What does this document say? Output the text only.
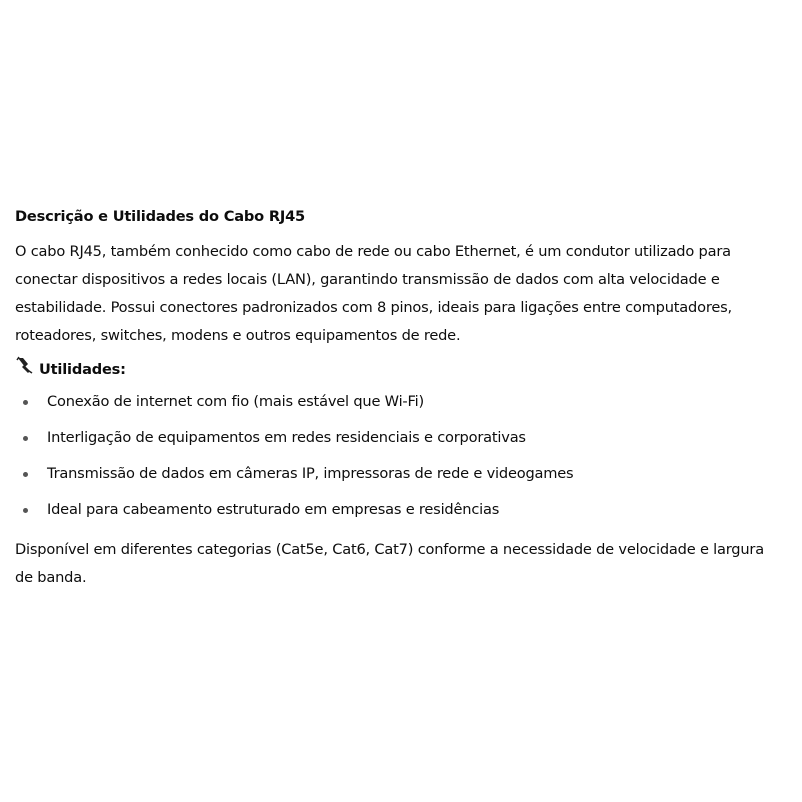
Descrição e Utilidades do Cabo RJ45

O cabo RJ45, também conhecido como cabo de rede ou cabo Ethernet, é um condutor utilizado para conectar dispositivos a redes locais (LAN), garantindo transmissão de dados com alta velocidade e estabilidade. Possui conectores padronizados com 8 pinos, ideais para ligações entre computadores, roteadores, switches, modens e outros equipamentos de rede.

Utilidades:
Conexão de internet com fio (mais estável que Wi-Fi)
Interligação de equipamentos em redes residenciais e corporativas
Transmissão de dados em câmeras IP, impressoras de rede e videogames
Ideal para cabeamento estruturado em empresas e residências

Disponível em diferentes categorias (Cat5e, Cat6, Cat7) conforme a necessidade de velocidade e largura de banda.
